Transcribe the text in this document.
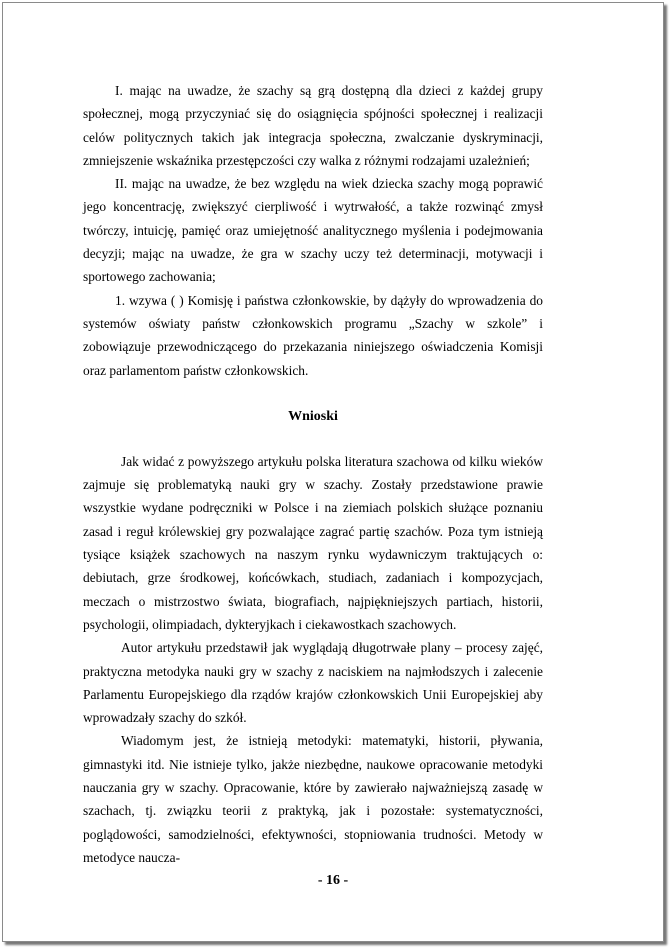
I. mając na uwadze, że szachy są grą dostępną dla dzieci z każdej grupy społecznej, mogą przyczyniać się do osiągnięcia spójności społecznej i realizacji celów politycznych takich jak integracja społeczna, zwalczanie dyskryminacji, zmniejszenie wskaźnika przestępczości czy walka z różnymi rodzajami uzależnień;

II. mając na uwadze, że bez względu na wiek dziecka szachy mogą poprawić jego koncentrację, zwiększyć cierpliwość i wytrwałość, a także rozwinąć zmysł twórczy, intuicję, pamięć oraz umiejętność analitycznego myślenia i podejmowania decyzji; mając na uwadze, że gra w szachy uczy też determinacji, motywacji i sportowego zachowania;

1. wzywa ( ) Komisję i państwa członkowskie, by dążyły do wprowadzenia do systemów oświaty państw członkowskich programu „Szachy w szkole” i zobowiązuje przewodniczącego do przekazania niniejszego oświadczenia Komisji oraz parlamentom państw członkowskich.

Wnioski

Jak widać z powyższego artykułu polska literatura szachowa od kilku wieków zajmuje się problematyką nauki gry w szachy. Zostały przedstawione prawie wszystkie wydane podręczniki w Polsce i na ziemiach polskich służące poznaniu zasad i reguł królewskiej gry pozwalające zagrać partię szachów. Poza tym istnieją tysiące książek szachowych na naszym rynku wydawniczym traktujących o: debiutach, grze środkowej, końcówkach, studiach, zadaniach i kompozycjach, meczach o mistrzostwo świata, biografiach, najpiękniejszych partiach, historii, psychologii, olimpiadach, dykteryjkach i ciekawostkach szachowych.

Autor artykułu przedstawił jak wyglądają długotrwałe plany – procesy zajęć, praktyczna metodyka nauki gry w szachy z naciskiem na najmłodszych i zalecenie Parlamentu Europejskiego dla rządów krajów członkowskich Unii Europejskiej aby wprowadzały szachy do szkół.

Wiadomym jest, że istnieją metodyki: matematyki, historii, pływania, gimnastyki itd. Nie istnieje tylko, jakże niezbędne, naukowe opracowanie metodyki nauczania gry w szachy. Opracowanie, które by zawierało najważniejszą zasadę w szachach, tj. związku teorii z praktyką, jak i pozostałe: systematyczności, poglądowości, samodzielności, efektywności, stopniowania trudności. Metody w metodyce naucza-

- 16 -
